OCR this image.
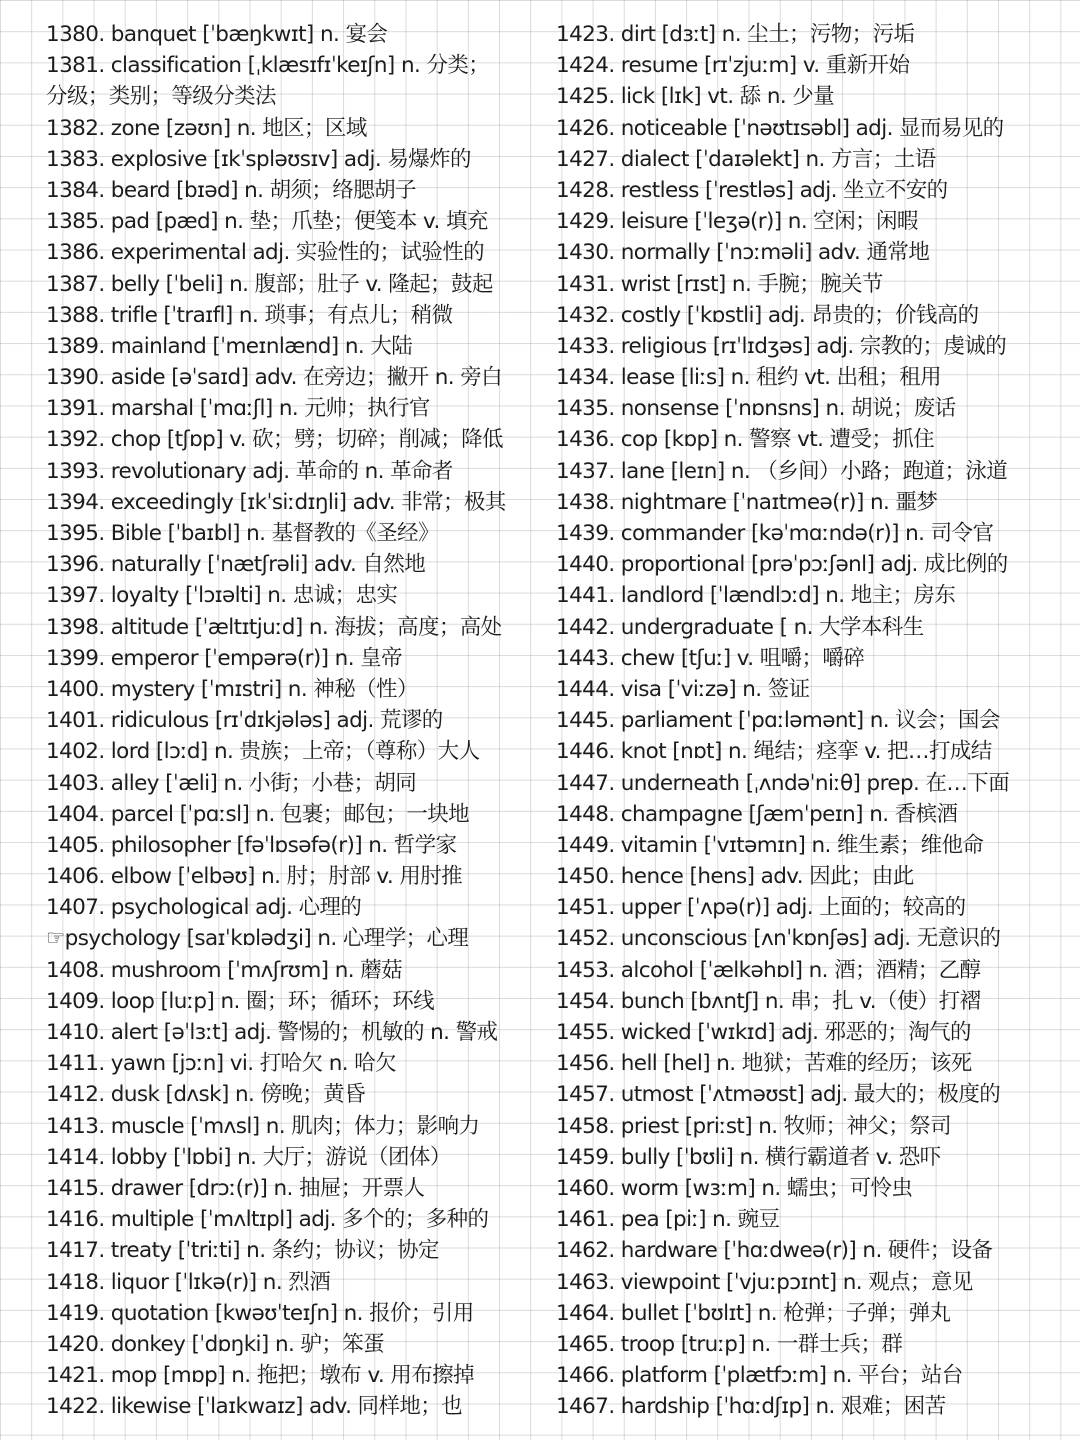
1380. banquet [ˈbæŋkwɪt] n. 宴会
1381. classification [ˌklæsɪfɪˈkeɪʃn] n. 分类；
分级；类别；等级分类法
1382. zone [zəʊn] n. 地区；区域
1383. explosive [ɪkˈspləʊsɪv] adj. 易爆炸的
1384. beard [bɪəd] n. 胡须；络腮胡子
1385. pad [pæd] n. 垫；爪垫；便笺本 v. 填充
1386. experimental adj. 实验性的；试验性的
1387. belly [ˈbeli] n. 腹部；肚子 v. 隆起；鼓起
1388. trifle [ˈtraɪfl] n. 琐事；有点儿；稍微
1389. mainland [ˈmeɪnlænd] n. 大陆
1390. aside [əˈsaɪd] adv. 在旁边；撇开 n. 旁白
1391. marshal [ˈmɑːʃl] n. 元帅；执行官
1392. chop [tʃɒp] v. 砍；劈；切碎；削减；降低
1393. revolutionary adj. 革命的 n. 革命者
1394. exceedingly [ɪkˈsiːdɪŋli] adv. 非常；极其
1395. Bible [ˈbaɪbl] n. 基督教的《圣经》
1396. naturally [ˈnætʃrəli] adv. 自然地
1397. loyalty [ˈlɔɪəlti] n. 忠诚；忠实
1398. altitude [ˈæltɪtjuːd] n. 海拔；高度；高处
1399. emperor [ˈempərə(r)] n. 皇帝
1400. mystery [ˈmɪstri] n. 神秘（性）
1401. ridiculous [rɪˈdɪkjələs] adj. 荒谬的
1402. lord [lɔːd] n. 贵族；上帝；（尊称）大人
1403. alley [ˈæli] n. 小街；小巷；胡同
1404. parcel [ˈpɑːsl] n. 包裹；邮包；一块地
1405. philosopher [fəˈlɒsəfə(r)] n. 哲学家
1406. elbow [ˈelbəʊ] n. 肘；肘部 v. 用肘推
1407. psychological adj. 心理的
☞psychology [saɪˈkɒlədʒi] n. 心理学；心理
1408. mushroom [ˈmʌʃrʊm] n. 蘑菇
1409. loop [luːp] n. 圈；环；循环；环线
1410. alert [əˈlɜːt] adj. 警惕的；机敏的 n. 警戒
1411. yawn [jɔːn] vi. 打哈欠 n. 哈欠
1412. dusk [dʌsk] n. 傍晚；黄昏
1413. muscle [ˈmʌsl] n. 肌肉；体力；影响力
1414. lobby [ˈlɒbi] n. 大厅；游说（团体）
1415. drawer [drɔː(r)] n. 抽屉；开票人
1416. multiple [ˈmʌltɪpl] adj. 多个的；多种的
1417. treaty [ˈtriːti] n. 条约；协议；协定
1418. liquor [ˈlɪkə(r)] n. 烈酒
1419. quotation [kwəʊˈteɪʃn] n. 报价；引用
1420. donkey [ˈdɒŋki] n. 驴；笨蛋
1421. mop [mɒp] n. 拖把；墩布 v. 用布擦掉
1422. likewise [ˈlaɪkwaɪz] adv. 同样地；也
1423. dirt [dɜːt] n. 尘土；污物；污垢
1424. resume [rɪˈzjuːm] v. 重新开始
1425. lick [lɪk] vt. 舔 n. 少量
1426. noticeable [ˈnəʊtɪsəbl] adj. 显而易见的
1427. dialect [ˈdaɪəlekt] n. 方言；土语
1428. restless [ˈrestləs] adj. 坐立不安的
1429. leisure [ˈleʒə(r)] n. 空闲；闲暇
1430. normally [ˈnɔːməli] adv. 通常地
1431. wrist [rɪst] n. 手腕；腕关节
1432. costly [ˈkɒstli] adj. 昂贵的；价钱高的
1433. religious [rɪˈlɪdʒəs] adj. 宗教的；虔诚的
1434. lease [liːs] n. 租约 vt. 出租；租用
1435. nonsense [ˈnɒnsns] n. 胡说；废话
1436. cop [kɒp] n. 警察 vt. 遭受；抓住
1437. lane [leɪn] n. （乡间）小路；跑道；泳道
1438. nightmare [ˈnaɪtmeə(r)] n. 噩梦
1439. commander [kəˈmɑːndə(r)] n. 司令官
1440. proportional [prəˈpɔːʃənl] adj. 成比例的
1441. landlord [ˈlændlɔːd] n. 地主；房东
1442. undergraduate [ n. 大学本科生
1443. chew [tʃuː] v. 咀嚼；嚼碎
1444. visa [ˈviːzə] n. 签证
1445. parliament [ˈpɑːləmənt] n. 议会；国会
1446. knot [nɒt] n. 绳结；痉挛 v. 把…打成结
1447. underneath [ˌʌndəˈniːθ] prep. 在…下面
1448. champagne [ʃæmˈpeɪn] n. 香槟酒
1449. vitamin [ˈvɪtəmɪn] n. 维生素；维他命
1450. hence [hens] adv. 因此；由此
1451. upper [ˈʌpə(r)] adj. 上面的；较高的
1452. unconscious [ʌnˈkɒnʃəs] adj. 无意识的
1453. alcohol [ˈælkəhɒl] n. 酒；酒精；乙醇
1454. bunch [bʌntʃ] n. 串；扎 v.（使）打褶
1455. wicked [ˈwɪkɪd] adj. 邪恶的；淘气的
1456. hell [hel] n. 地狱；苦难的经历；该死
1457. utmost [ˈʌtməʊst] adj. 最大的；极度的
1458. priest [priːst] n. 牧师；神父；祭司
1459. bully [ˈbʊli] n. 横行霸道者 v. 恐吓
1460. worm [wɜːm] n. 蠕虫；可怜虫
1461. pea [piː] n. 豌豆
1462. hardware [ˈhɑːdweə(r)] n. 硬件；设备
1463. viewpoint [ˈvjuːpɔɪnt] n. 观点；意见
1464. bullet [ˈbʊlɪt] n. 枪弹；子弹；弹丸
1465. troop [truːp] n. 一群士兵；群
1466. platform [ˈplætfɔːm] n. 平台；站台
1467. hardship [ˈhɑːdʃɪp] n. 艰难；困苦
